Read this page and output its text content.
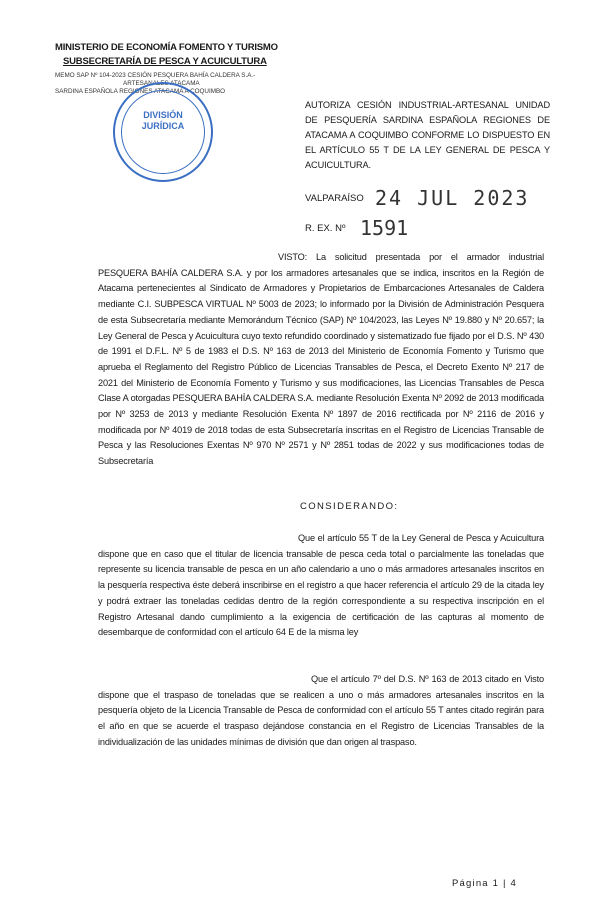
MINISTERIO DE ECONOMÍA FOMENTO Y TURISMO
SUBSECRETARÍA DE PESCA Y ACUICULTURA
MEMO SAP Nº 104-2023 CESIÓN PESQUERA BAHÍA CALDERA S.A.-
ARTESANALES ATACAMA
SARDINA ESPAÑOLA REGIONES ATACAMA A COQUIMBO
DIVISIÓN
JURÍDICA
AUTORIZA CESIÓN INDUSTRIAL-ARTESANAL UNIDAD DE PESQUERÍA SARDINA ESPAÑOLA REGIONES DE ATACAMA A COQUIMBO CONFORME LO DISPUESTO EN EL ARTÍCULO 55 T DE LA LEY GENERAL DE PESCA Y ACUICULTURA.
VALPARAÍSO 24 JUL 2023
R. EX. Nº 1591
VISTO: La solicitud presentada por el armador industrial PESQUERA BAHÍA CALDERA S.A. y por los armadores artesanales que se indica, inscritos en la Región de Atacama pertenecientes al Sindicato de Armadores y Propietarios de Embarcaciones Artesanales de Caldera mediante C.I. SUBPESCA VIRTUAL Nº 5003 de 2023; lo informado por la División de Administración Pesquera de esta Subsecretaría mediante Memorándum Técnico (SAP) Nº 104/2023, las Leyes Nº 19.880 y Nº 20.657; la Ley General de Pesca y Acuicultura cuyo texto refundido coordinado y sistematizado fue fijado por el D.S. Nº 430 de 1991 el D.F.L. Nº 5 de 1983 el D.S. Nº 163 de 2013 del Ministerio de Economía Fomento y Turismo que aprueba el Reglamento del Registro Público de Licencias Transables de Pesca, el Decreto Exento Nº 217 de 2021 del Ministerio de Economía Fomento y Turismo y sus modificaciones, las Licencias Transables de Pesca Clase A otorgadas PESQUERA BAHÍA CALDERA S.A. mediante Resolución Exenta Nº 2092 de 2013 modificada por Nº 3253 de 2013 y mediante Resolución Exenta Nº 1897 de 2016 rectificada por Nº 2116 de 2016 y modificada por Nº 4019 de 2018 todas de esta Subsecretaría inscritas en el Registro de Licencias Transable de Pesca y las Resoluciones Exentas Nº 970 Nº 2571 y Nº 2851 todas de 2022 y sus modificaciones todas de Subsecretaría
CONSIDERANDO:
Que el artículo 55 T de la Ley General de Pesca y Acuicultura dispone que en caso que el titular de licencia transable de pesca ceda total o parcialmente las toneladas que represente su licencia transable de pesca en un año calendario a uno o más armadores artesanales inscritos en la pesquería respectiva éste deberá inscribirse en el registro a que hacer referencia el artículo 29 de la citada ley y podrá extraer las toneladas cedidas dentro de la región correspondiente a su respectiva inscripción en el Registro Artesanal dando cumplimiento a la exigencia de certificación de las capturas al momento de desembarque de conformidad con el artículo 64 E de la misma ley
Que el artículo 7º del D.S. Nº 163 de 2013 citado en Visto dispone que el traspaso de toneladas que se realicen a uno o más armadores artesanales inscritos en la pesquería objeto de la Licencia Transable de Pesca de conformidad con el artículo 55 T antes citado regirán para el año en que se acuerde el traspaso dejándose constancia en el Registro de Licencias Transables de la individualización de las unidades mínimas de división que dan origen al traspaso.
Página 1 | 4
